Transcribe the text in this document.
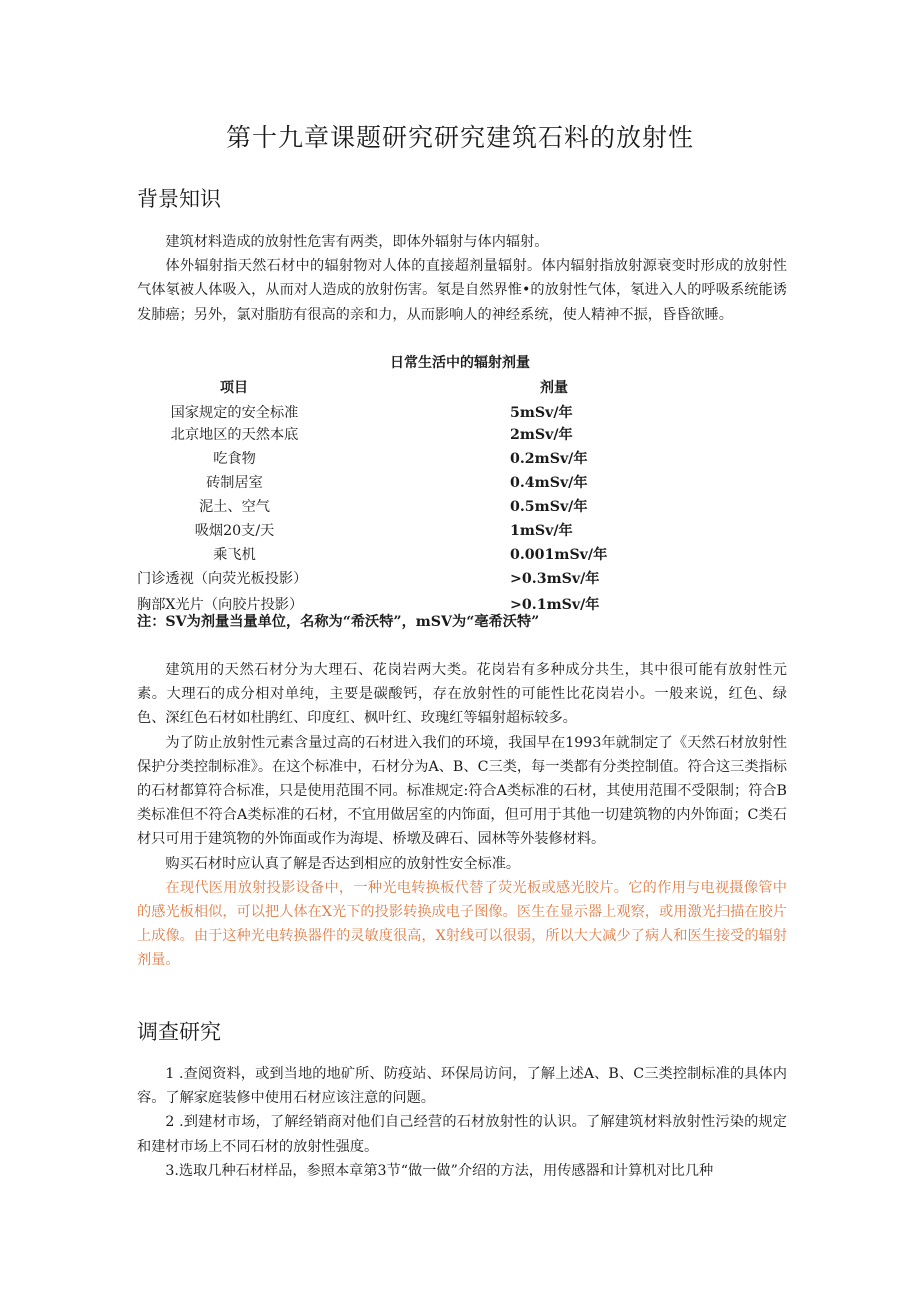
第十九章课题研究研究建筑石料的放射性
背景知识

建筑材料造成的放射性危害有两类，即体外辐射与体内辐射。

体外辐射指天然石材中的辐射物对人体的直接超剂量辐射。体内辐射指放射源衰变时形成的放射性气体氡被人体吸入，从而对人造成的放射伤害。氡是自然界惟•的放射性气体，氡进入人的呼吸系统能诱发肺癌；另外，氯对脂肪有很高的亲和力，从而影响人的神经系统，使人精神不振，昏昏欲睡。

日常生活中的辐射剂量
项目	剂量
国家规定的安全标准	5mSv/年
北京地区的天然本底	2mSv/年
吃食物	0.2mSv/年
砖制居室	0.4mSv/年
泥土、空气	0.5mSv/年
吸烟20支/天	1mSv/年
乘飞机	0.001mSv/年
门诊透视（向荧光板投影）	>0.3mSv/年
胸部X光片（向胶片投影）	>0.1mSv/年
注：SV为剂量当量单位，名称为“希沃特”，mSV为“亳希沃特”

建筑用的天然石材分为大理石、花岗岩两大类。花岗岩有多种成分共生，其中很可能有放射性元素。大理石的成分相对单纯，主要是碳酸钙，存在放射性的可能性比花岗岩小。一般来说，红色、绿色、深红色石材如杜鹃红、印度红、枫叶红、玫瑰红等辐射超标较多。

为了防止放射性元素含量过高的石材进入我们的环境，我国早在1993年就制定了《天然石材放射性保护分类控制标准》。在这个标准中，石材分为A、B、C三类，每一类都有分类控制值。符合这三类指标的石材都算符合标准，只是使用范围不同。标准规定:符合A类标准的石材，其使用范围不受限制；符合B类标准但不符合A类标准的石材，不宜用做居室的内饰面，但可用于其他一切建筑物的内外饰面；C类石材只可用于建筑物的外饰面或作为海堤、桥墩及碑石、园林等外装修材料。

购买石材时应认真了解是否达到相应的放射性安全标准。

在现代医用放射投影设备中，一种光电转换板代替了荧光板或感光胶片。它的作用与电视摄像管中的感光板相似，可以把人体在X光下的投影转换成电子图像。医生在显示器上观察，或用激光扫描在胶片上成像。由于这种光电转换器件的灵敏度很高，X射线可以很弱，所以大大减少了病人和医生接受的辐射剂量。

调查研究

1 .查阅资料，或到当地的地矿所、防疫站、环保局访问，了解上述A、B、C三类控制标准的具体内容。了解家庭装修中使用石材应该注意的问题。

2 .到建材市场，了解经销商对他们自己经营的石材放射性的认识。了解建筑材料放射性污染的规定和建材市场上不同石材的放射性强度。

3.选取几种石材样品，参照本章第3节“做一做”介绍的方法，用传感器和计算机对比几种
